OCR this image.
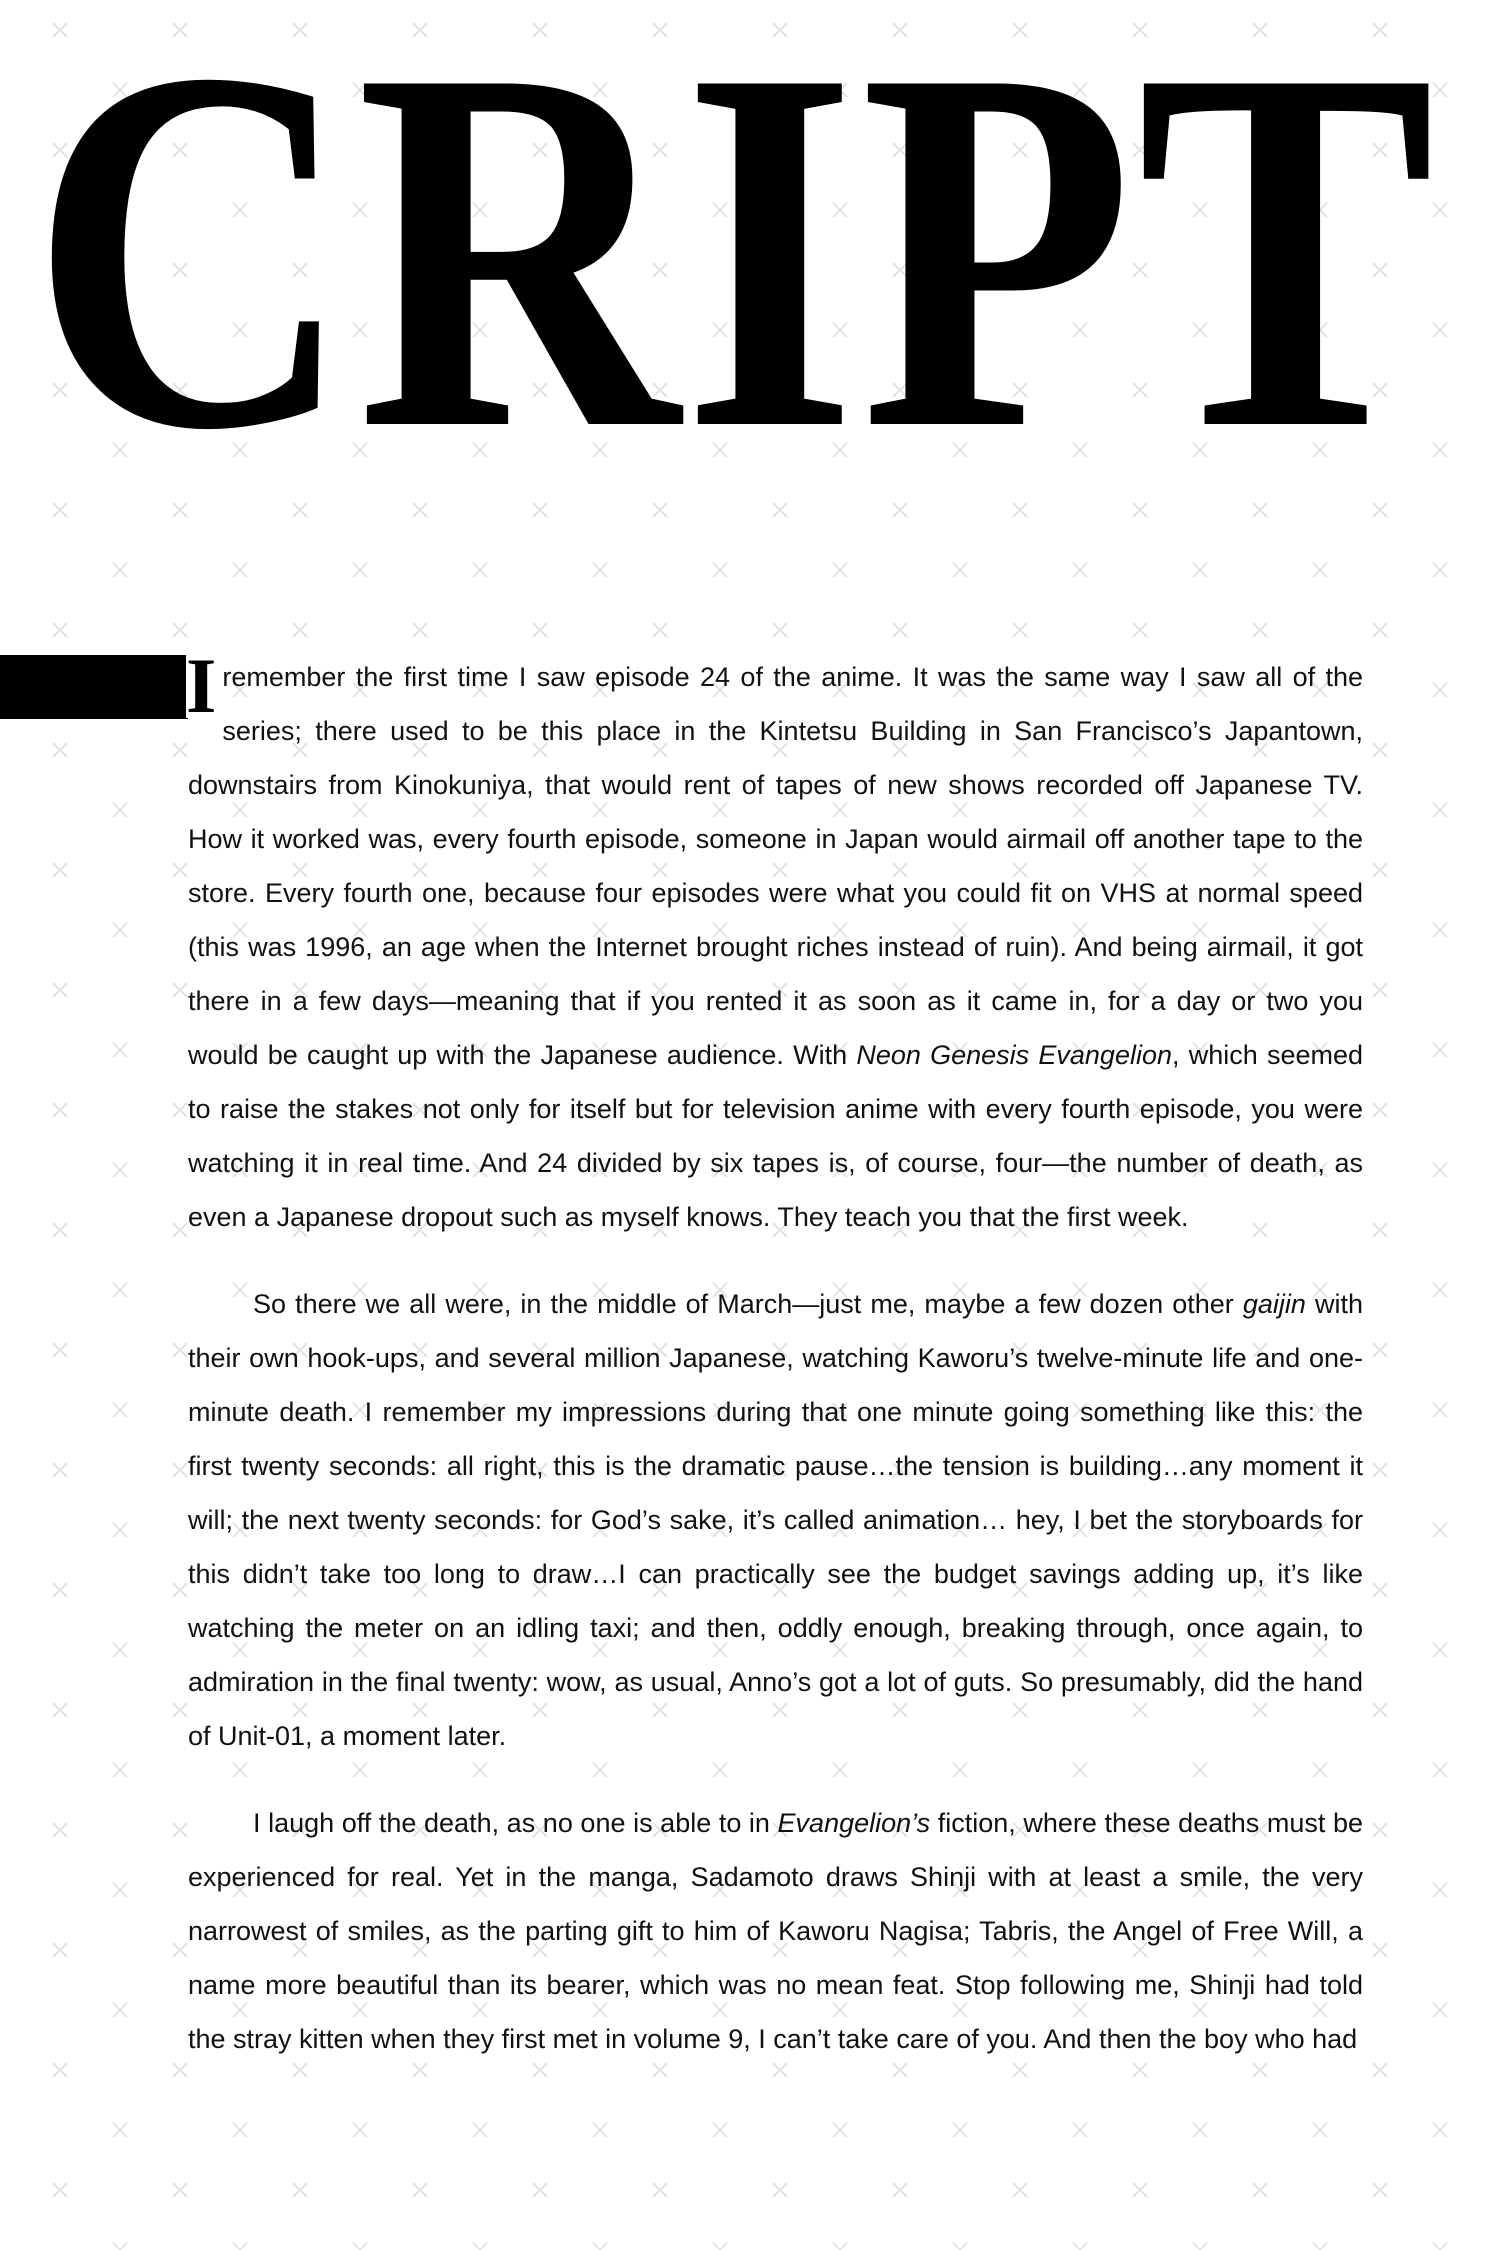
CRIPT

I remember the first time I saw episode 24 of the anime. It was the same way I saw all of the series; there used to be this place in the Kintetsu Building in San Francisco’s Japantown, downstairs from Kinokuniya, that would rent of tapes of new shows recorded off Japanese TV. How it worked was, every fourth episode, someone in Japan would airmail off another tape to the store. Every fourth one, because four episodes were what you could fit on VHS at normal speed (this was 1996, an age when the Internet brought riches instead of ruin). And being airmail, it got there in a few days—meaning that if you rented it as soon as it came in, for a day or two you would be caught up with the Japanese audience. With Neon Genesis Evangelion, which seemed to raise the stakes not only for itself but for television anime with every fourth episode, you were watching it in real time. And 24 divided by six tapes is, of course, four—the number of death, as even a Japanese dropout such as myself knows. They teach you that the first week.

So there we all were, in the middle of March—just me, maybe a few dozen other gaijin with their own hook-ups, and several million Japanese, watching Kaworu’s twelve-minute life and one-minute death. I remember my impressions during that one minute going something like this: the first twenty seconds: all right, this is the dramatic pause…the tension is building…any moment it will; the next twenty seconds: for God’s sake, it’s called animation… hey, I bet the storyboards for this didn’t take too long to draw…I can practically see the budget savings adding up, it’s like watching the meter on an idling taxi; and then, oddly enough, breaking through, once again, to admiration in the final twenty: wow, as usual, Anno’s got a lot of guts. So presumably, did the hand of Unit-01, a moment later.

I laugh off the death, as no one is able to in Evangelion’s fiction, where these deaths must be experienced for real. Yet in the manga, Sadamoto draws Shinji with at least a smile, the very narrowest of smiles, as the parting gift to him of Kaworu Nagisa; Tabris, the Angel of Free Will, a name more beautiful than its bearer, which was no mean feat. Stop following me, Shinji had told the stray kitten when they first met in volume 9, I can’t take care of you. And then the boy who had
